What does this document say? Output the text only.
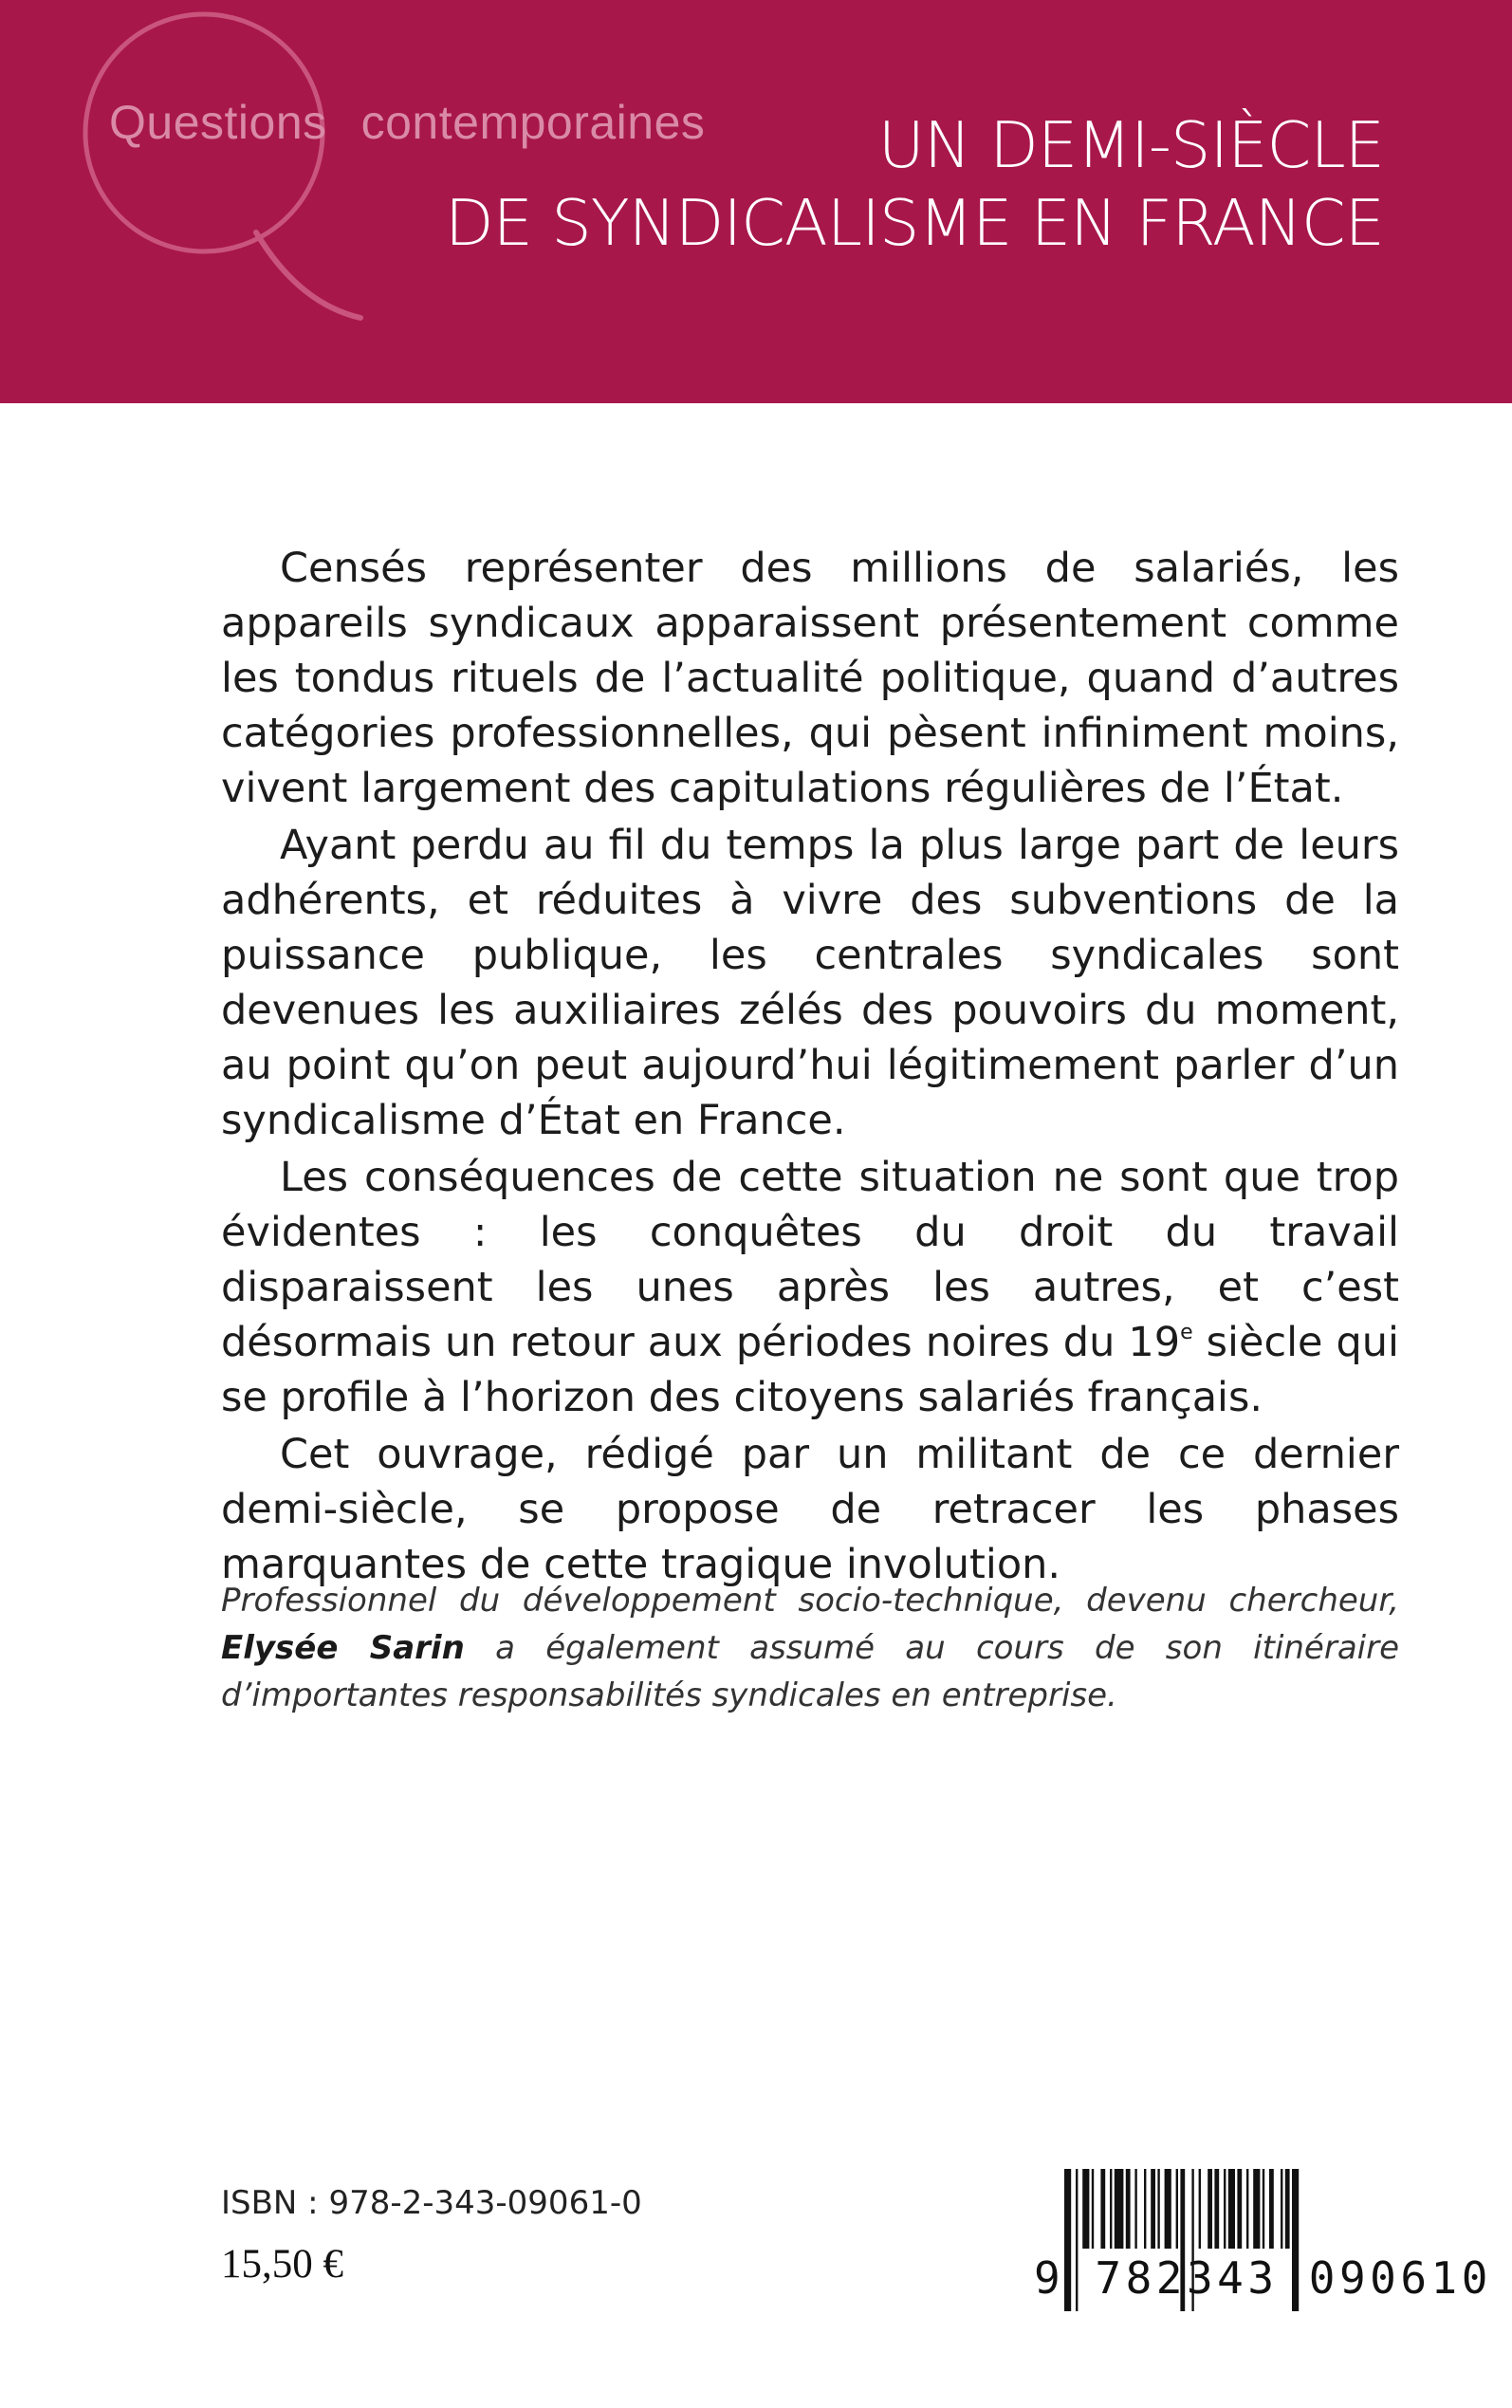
Questions contemporaines	UN DEMI-SIÈCLE
DE SYNDICALISME EN FRANCE

Censés représenter des millions de salariés, les appareils syndicaux apparaissent présentement comme les tondus rituels de l’actualité politique, quand d’autres catégories professionnelles, qui pèsent infiniment moins, vivent largement des capitulations régulières de l’État.

Ayant perdu au fil du temps la plus large part de leurs adhérents, et réduites à vivre des subventions de la puissance publique, les centrales syndicales sont devenues les auxiliaires zélés des pouvoirs du moment, au point qu’on peut aujourd’hui légitimement parler d’un syndicalisme d’État en France.

Les conséquences de cette situation ne sont que trop évidentes : les conquêtes du droit du travail disparaissent les unes après les autres, et c’est désormais un retour aux périodes noires du 19e siècle qui se profile à l’horizon des citoyens salariés français.

Cet ouvrage, rédigé par un militant de ce dernier demi-siècle, se propose de retracer les phases marquantes de cette tragique involution.

Professionnel du développement socio-technique, devenu chercheur, Elysée Sarin a également assumé au cours de son itinéraire d’importantes responsabilités syndicales en entreprise.
ISBN : 978-2-343-09061-0
15,50 €	9 782343 090610
